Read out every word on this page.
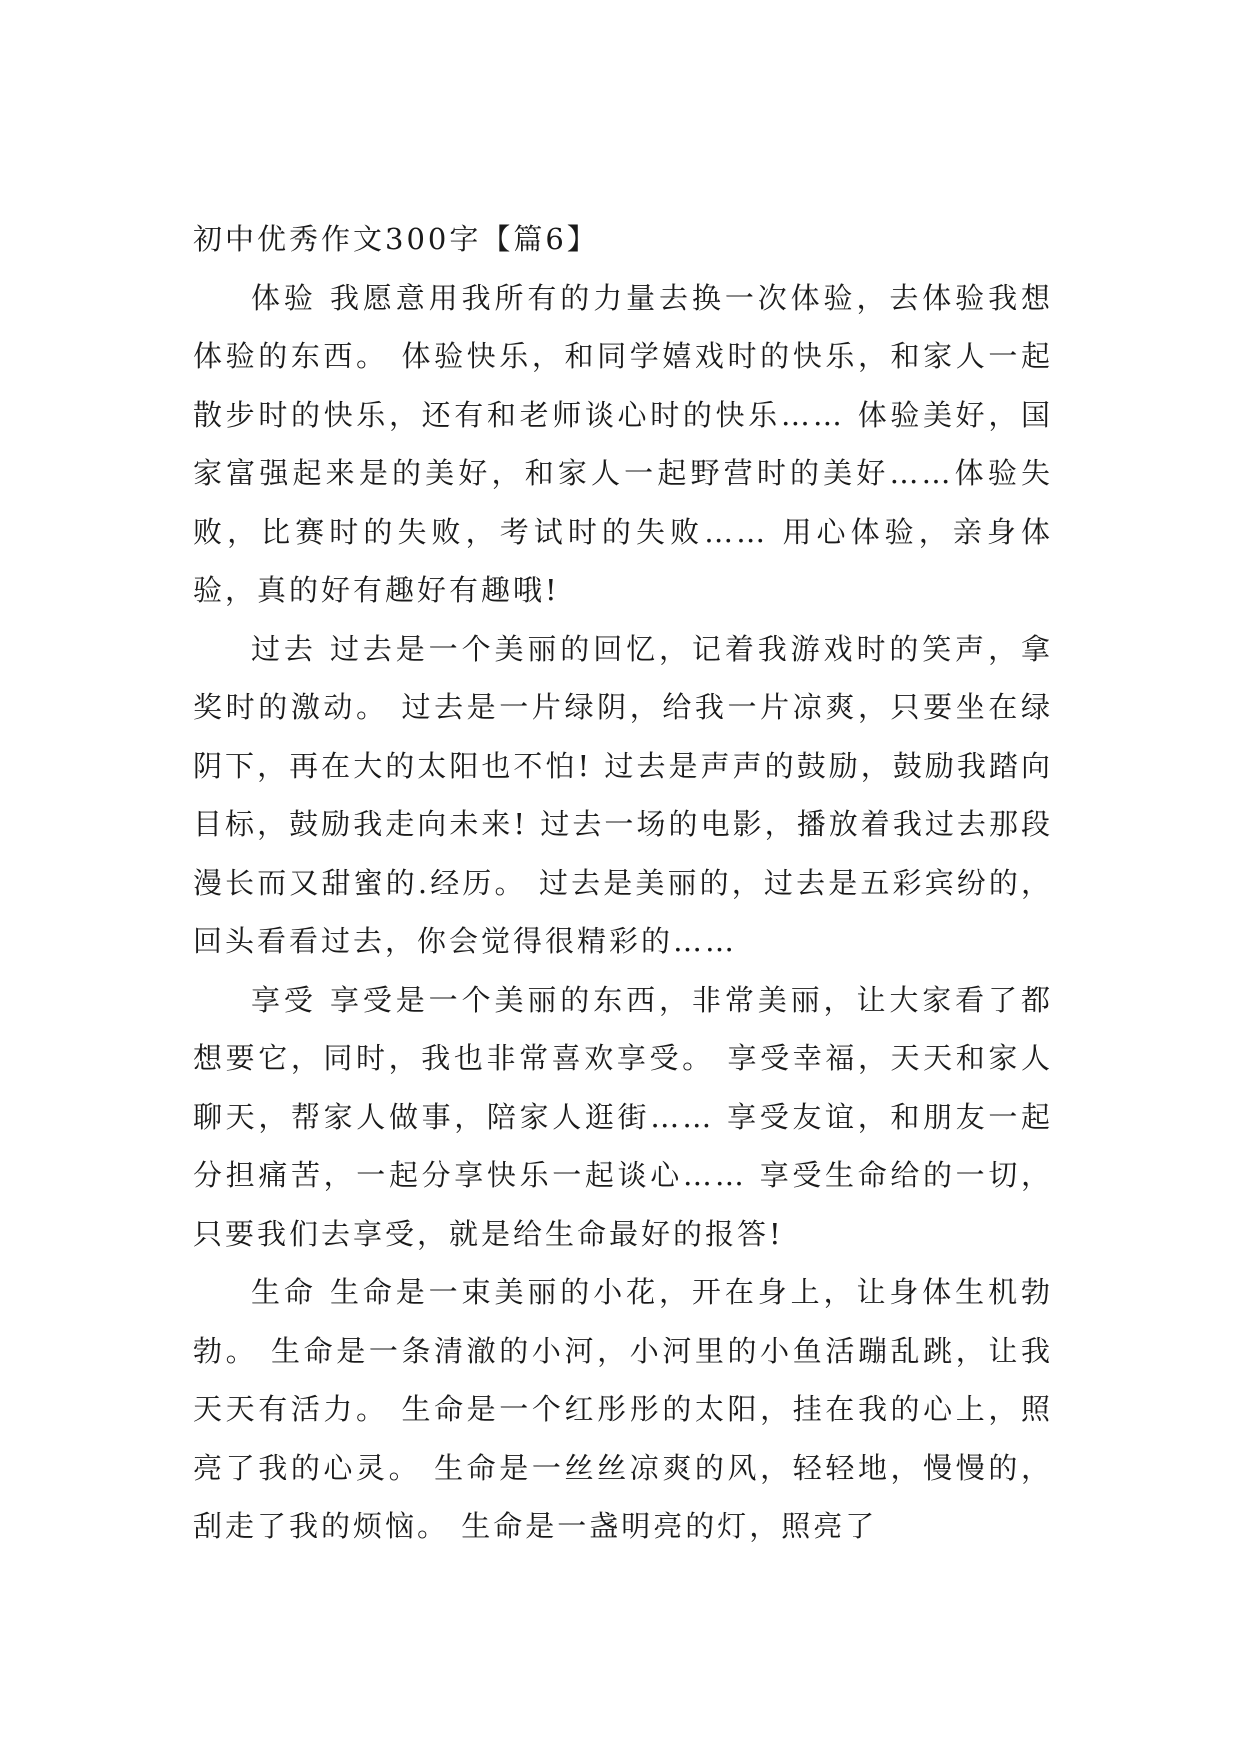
初中优秀作文300字【篇6】

体验 我愿意用我所有的力量去换一次体验，去体验我想体验的东西。 体验快乐，和同学嬉戏时的快乐，和家人一起散步时的快乐，还有和老师谈心时的快乐…… 体验美好，国家富强起来是的美好，和家人一起野营时的美好……体验失败，比赛时的失败，考试时的失败…… 用心体验，亲身体验，真的好有趣好有趣哦!

过去 过去是一个美丽的回忆，记着我游戏时的笑声，拿奖时的激动。 过去是一片绿阴，给我一片凉爽，只要坐在绿阴下，再在大的太阳也不怕! 过去是声声的鼓励，鼓励我踏向目标，鼓励我走向未来! 过去一场的电影，播放着我过去那段漫长而又甜蜜的.经历。 过去是美丽的，过去是五彩宾纷的，回头看看过去，你会觉得很精彩的……

享受 享受是一个美丽的东西，非常美丽，让大家看了都想要它，同时，我也非常喜欢享受。 享受幸福，天天和家人聊天，帮家人做事，陪家人逛街…… 享受友谊，和朋友一起分担痛苦，一起分享快乐一起谈心…… 享受生命给的一切，只要我们去享受，就是给生命最好的报答!

生命 生命是一束美丽的小花，开在身上，让身体生机勃勃。 生命是一条清澈的小河，小河里的小鱼活蹦乱跳，让我天天有活力。 生命是一个红彤彤的太阳，挂在我的心上，照亮了我的心灵。 生命是一丝丝凉爽的风，轻轻地，慢慢的，刮走了我的烦恼。 生命是一盏明亮的灯，照亮了
